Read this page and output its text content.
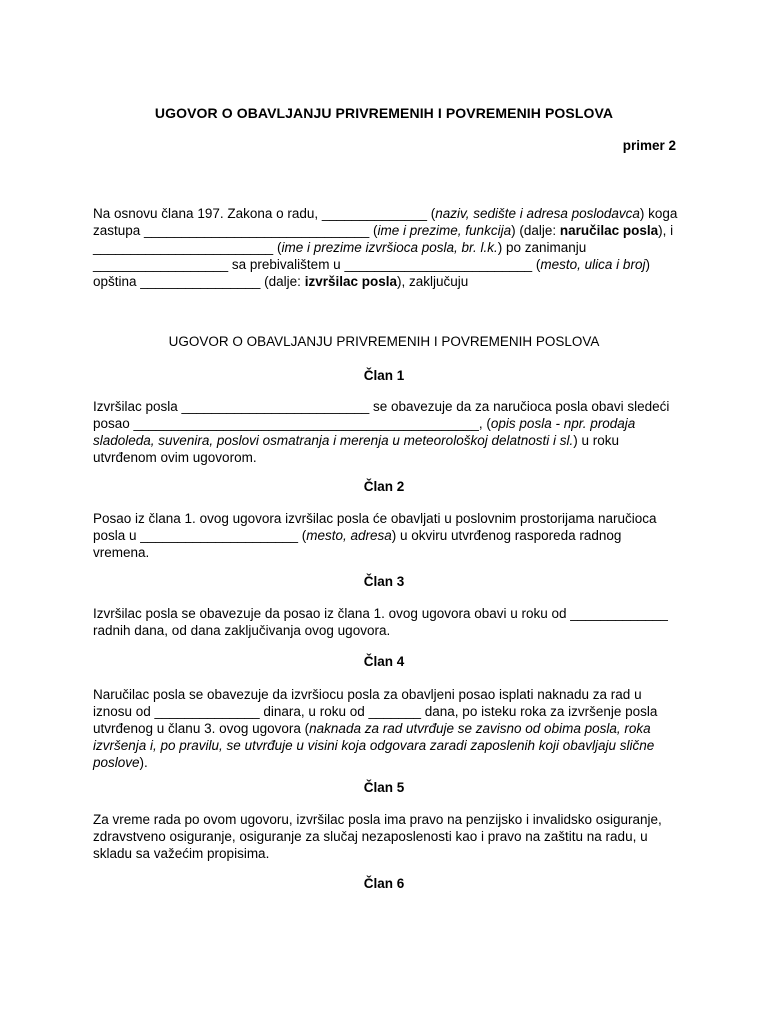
UGOVOR O OBAVLJANJU PRIVREMENIH I POVREMENIH POSLOVA
primer 2
Na osnovu člana 197. Zakona o radu, ______________ (naziv, sedište i adresa poslodavca) koga zastupa ______________________________ (ime i prezime, funkcija) (dalje: naručilac posla), i ________________________ (ime i prezime izvršioca posla, br. l.k.) po zanimanju __________________ sa prebivalištem u _________________________ (mesto, ulica i broj) opština ________________ (dalje: izvršilac posla), zaključuju
UGOVOR O OBAVLJANJU PRIVREMENIH I POVREMENIH POSLOVA
Član 1
Izvršilac posla _________________________ se obavezuje da za naručioca posla obavi sledeći posao ______________________________________________, (opis posla - npr. prodaja sladoleda, suvenira, poslovi osmatranja i merenja u meteorološkoj delatnosti i sl.) u roku utvrđenom ovim ugovorom.
Član 2
Posao iz člana 1. ovog ugovora izvršilac posla će obavljati u poslovnim prostorijama naručioca posla u _____________________ (mesto, adresa) u okviru utvrđenog rasporeda radnog vremena.
Član 3
Izvršilac posla se obavezuje da posao iz člana 1. ovog ugovora obavi u roku od _____________ radnih dana, od dana zaključivanja ovog ugovora.
Član 4
Naručilac posla se obavezuje da izvršiocu posla za obavljeni posao isplati naknadu za rad u iznosu od ______________ dinara, u roku od _______ dana, po isteku roka za izvršenje posla utvrđenog u članu 3. ovog ugovora (naknada za rad utvrđuje se zavisno od obima posla, roka izvršenja i, po pravilu, se utvrđuje u visini koja odgovara zaradi zaposlenih koji obavljaju slične poslove).
Član 5
Za vreme rada po ovom ugovoru, izvršilac posla ima pravo na penzijsko i invalidsko osiguranje, zdravstveno osiguranje, osiguranje za slučaj nezaposlenosti kao i pravo na zaštitu na radu, u skladu sa važećim propisima.
Član 6
